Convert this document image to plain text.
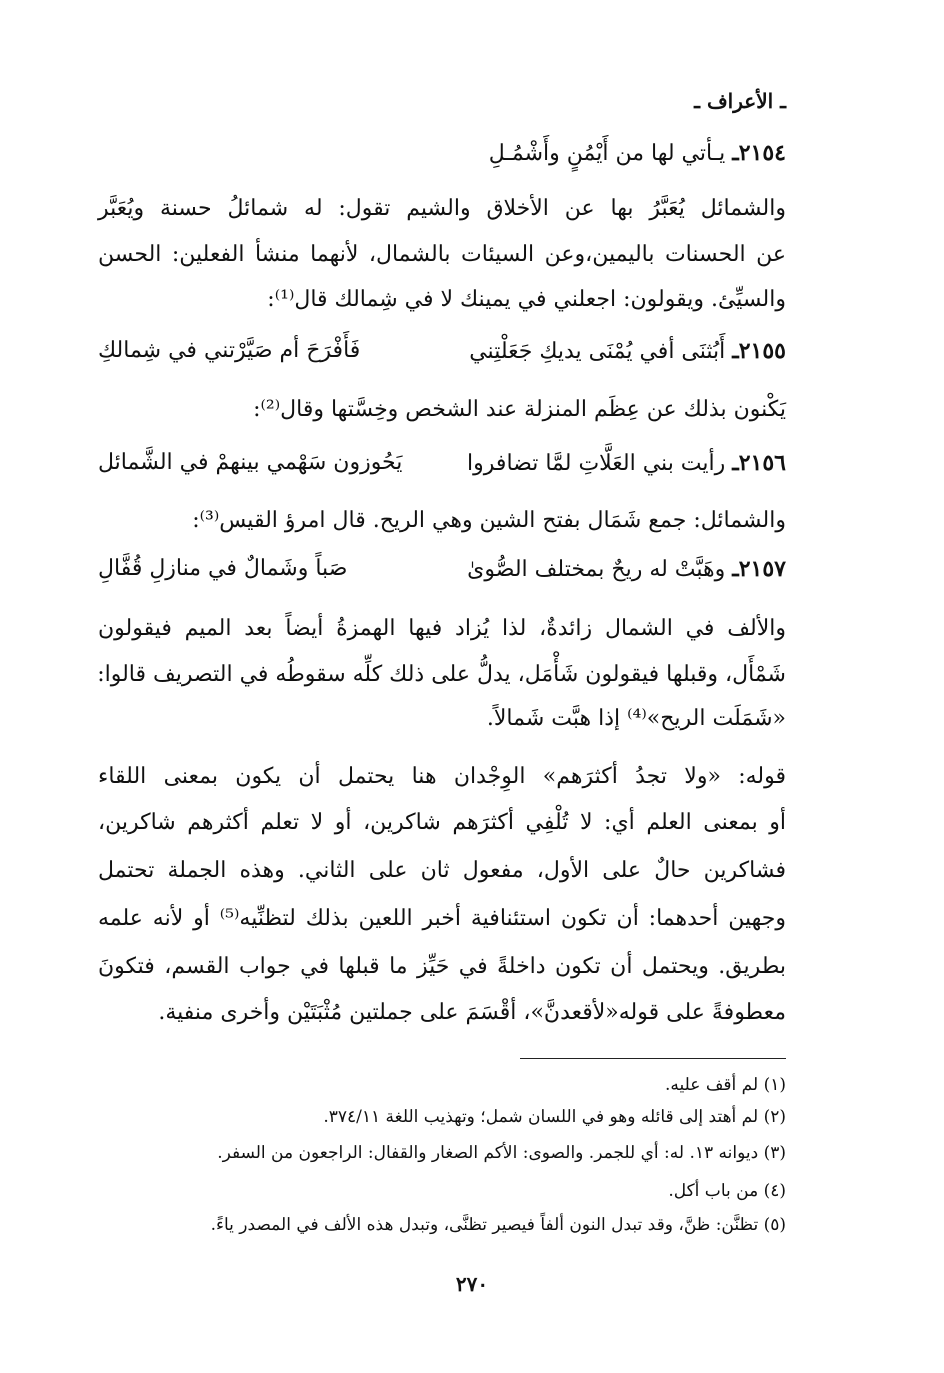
ـ الأعراف ـ
٢١٥٤ـ يـأتي لها من أَيْمُنٍ وأَشْمُـلِ
والشمائل يُعَبَّرُ بها عن الأخلاق والشيم تقول: له شمائلُ حسنة ويُعَبَّر
عن الحسنات باليمين،وعن السيئات بالشمال، لأنهما منشأ الفعلين: الحسن
والسيِّئ. ويقولون: اجعلني في يمينك لا في شِمالك قال⁽¹⁾:
٢١٥٥ـ أَبُثنَى أفي يُمْنَى يديكِ جَعَلْتِني
فَأَفْرَحَ أم صَيَّرْتني في شِمالكِ
يَكْنون بذلك عن عِظَم المنزلة عند الشخص وخِسَّتها وقال⁽²⁾:
٢١٥٦ـ رأيت بني العَلَّاتِ لمَّا تضافروا
يَحُوزون سَهْمي بينهمْ في الشَّمائل
والشمائل: جمع شَمَال بفتح الشين وهي الريح. قال امرؤ القيس⁽³⁾:
٢١٥٧ـ وهَبَّتْ له ريحٌ بمختلف الصُّوىٰ
صَباً وشَمالٌ في منازلِ قُفَّالِ
والألف في الشمال زائدةٌ، لذا يُزاد فيها الهمزةُ أيضاً بعد الميم فيقولون
شَمْأَل، وقبلها فيقولون شَأْمَل، يدلُّ على ذلك كلِّه سقوطُه في التصريف قالوا:
«شَمَلَت الريح»⁽⁴⁾ إذا هبَّت شَمالاً.
قوله: «ولا تجدُ أكثرَهم» الوِجْدان هنا يحتمل أن يكون بمعنى اللقاء
أو بمعنى العلم أي: لا تُلْفِي أكثرَهم شاكرين، أو لا تعلم أكثرهم شاكرين،
فشاكرين حالٌ على الأول، مفعول ثان على الثاني. وهذه الجملة تحتمل
وجهين أحدهما: أن تكون استئنافية أخبر اللعين بذلك لتظنِّيه⁽⁵⁾ أو لأنه علمه
بطريق. ويحتمل أن تكون داخلةً في حَيِّز ما قبلها في جواب القسم، فتكونَ
معطوفةً على قوله«لأقعدنَّ»، أقْسَمَ على جملتين مُثْبَتَيْن وأخرى منفية.
(١) لم أقف عليه.
(٢) لم أهتد إلى قائله وهو في اللسان شمل؛ وتهذيب اللغة ٣٧٤/١١.
(٣) ديوانه ١٣. له: أي للجمر. والصوى: الأكم الصغار والقفال: الراجعون من السفر.
(٤) من باب أكل.
(٥) تظنَّن: ظنَّ، وقد تبدل النون ألفاً فيصير تظنَّى، وتبدل هذه الألف في المصدر ياءً.
٢٧٠
